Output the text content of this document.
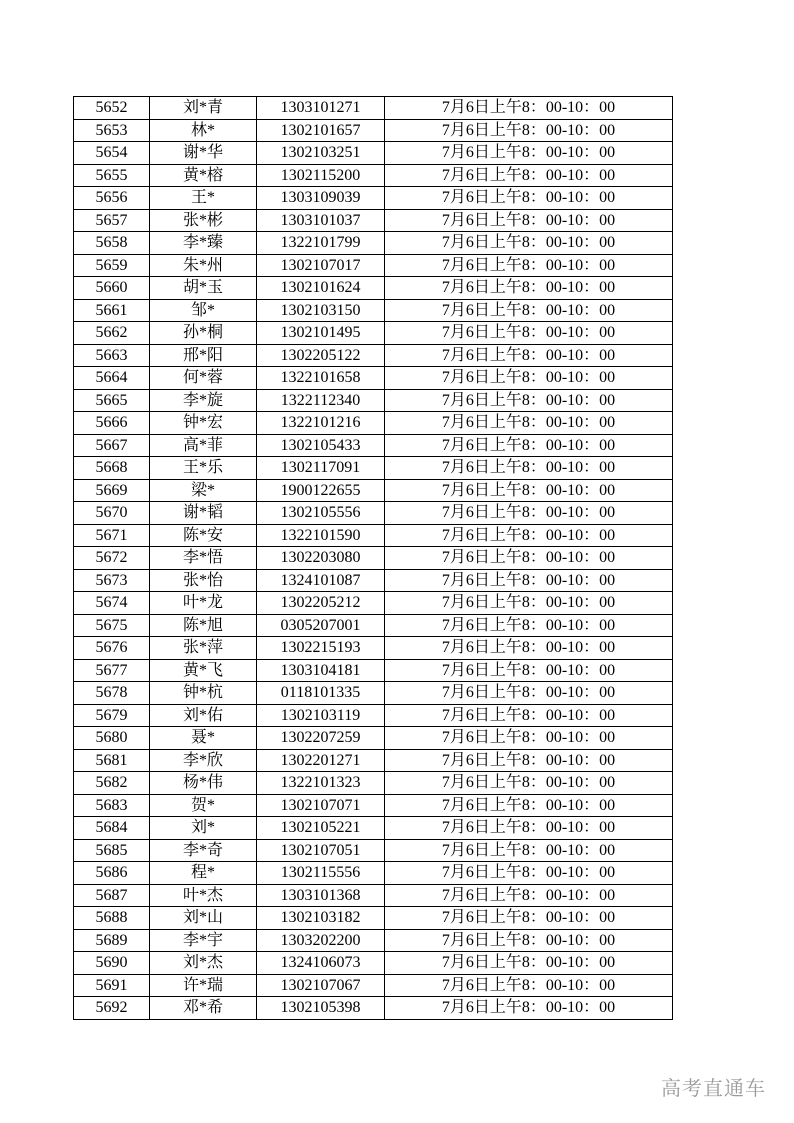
5652	刘*青	1303101271	7月6日上午8：00-10：00
5653	林*	1302101657	7月6日上午8：00-10：00
5654	谢*华	1302103251	7月6日上午8：00-10：00
5655	黄*榕	1302115200	7月6日上午8：00-10：00
5656	王*	1303109039	7月6日上午8：00-10：00
5657	张*彬	1303101037	7月6日上午8：00-10：00
5658	李*臻	1322101799	7月6日上午8：00-10：00
5659	朱*州	1302107017	7月6日上午8：00-10：00
5660	胡*玉	1302101624	7月6日上午8：00-10：00
5661	邹*	1302103150	7月6日上午8：00-10：00
5662	孙*桐	1302101495	7月6日上午8：00-10：00
5663	邢*阳	1302205122	7月6日上午8：00-10：00
5664	何*蓉	1322101658	7月6日上午8：00-10：00
5665	李*旋	1322112340	7月6日上午8：00-10：00
5666	钟*宏	1322101216	7月6日上午8：00-10：00
5667	高*菲	1302105433	7月6日上午8：00-10：00
5668	王*乐	1302117091	7月6日上午8：00-10：00
5669	梁*	1900122655	7月6日上午8：00-10：00
5670	谢*韬	1302105556	7月6日上午8：00-10：00
5671	陈*安	1322101590	7月6日上午8：00-10：00
5672	李*悟	1302203080	7月6日上午8：00-10：00
5673	张*怡	1324101087	7月6日上午8：00-10：00
5674	叶*龙	1302205212	7月6日上午8：00-10：00
5675	陈*旭	0305207001	7月6日上午8：00-10：00
5676	张*萍	1302215193	7月6日上午8：00-10：00
5677	黄*飞	1303104181	7月6日上午8：00-10：00
5678	钟*杭	0118101335	7月6日上午8：00-10：00
5679	刘*佑	1302103119	7月6日上午8：00-10：00
5680	聂*	1302207259	7月6日上午8：00-10：00
5681	李*欣	1302201271	7月6日上午8：00-10：00
5682	杨*伟	1322101323	7月6日上午8：00-10：00
5683	贺*	1302107071	7月6日上午8：00-10：00
5684	刘*	1302105221	7月6日上午8：00-10：00
5685	李*奇	1302107051	7月6日上午8：00-10：00
5686	程*	1302115556	7月6日上午8：00-10：00
5687	叶*杰	1303101368	7月6日上午8：00-10：00
5688	刘*山	1302103182	7月6日上午8：00-10：00
5689	李*宇	1303202200	7月6日上午8：00-10：00
5690	刘*杰	1324106073	7月6日上午8：00-10：00
5691	许*瑞	1302107067	7月6日上午8：00-10：00
5692	邓*希	1302105398	7月6日上午8：00-10：00
高考直通车
